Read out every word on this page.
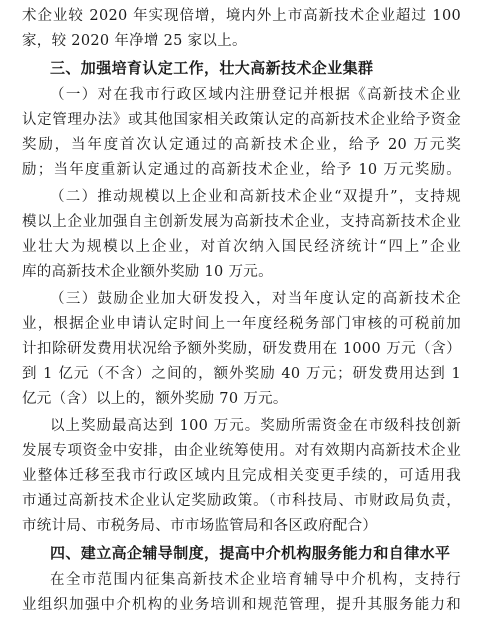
术企业较 2020 年实现倍增，境内外上市高新技术企业超过 100
家，较 2020 年净增 25 家以上。
三、加强培育认定工作，壮大高新技术企业集群
（一）对在我市行政区域内注册登记并根据《高新技术企业
认定管理办法》或其他国家相关政策认定的高新技术企业给予资金
奖励，当年度首次认定通过的高新技术企业，给予 20 万元奖
励；当年度重新认定通过的高新技术企业，给予 10 万元奖励。
（二）推动规模以上企业和高新技术企业“双提升”，支持规
模以上企业加强自主创新发展为高新技术企业，支持高新技术企业
业壮大为规模以上企业，对首次纳入国民经济统计“四上”企业
库的高新技术企业额外奖励 10 万元。
（三）鼓励企业加大研发投入，对当年度认定的高新技术企
业，根据企业申请认定时间上一年度经税务部门审核的可税前加
计扣除研发费用状况给予额外奖励，研发费用在 1000 万元（含）
到 1 亿元（不含）之间的，额外奖励 40 万元；研发费用达到 1
亿元（含）以上的，额外奖励 70 万元。
以上奖励最高达到 100 万元。奖励所需资金在市级科技创新
发展专项资金中安排，由企业统筹使用。对有效期内高新技术企业
业整体迁移至我市行政区域内且完成相关变更手续的，可适用我
市通过高新技术企业认定奖励政策。（市科技局、市财政局负责，
市统计局、市税务局、市市场监管局和各区政府配合）
四、建立高企辅导制度，提高中介机构服务能力和自律水平
在全市范围内征集高新技术企业培育辅导中介机构，支持行
业组织加强中介机构的业务培训和规范管理，提升其服务能力和
